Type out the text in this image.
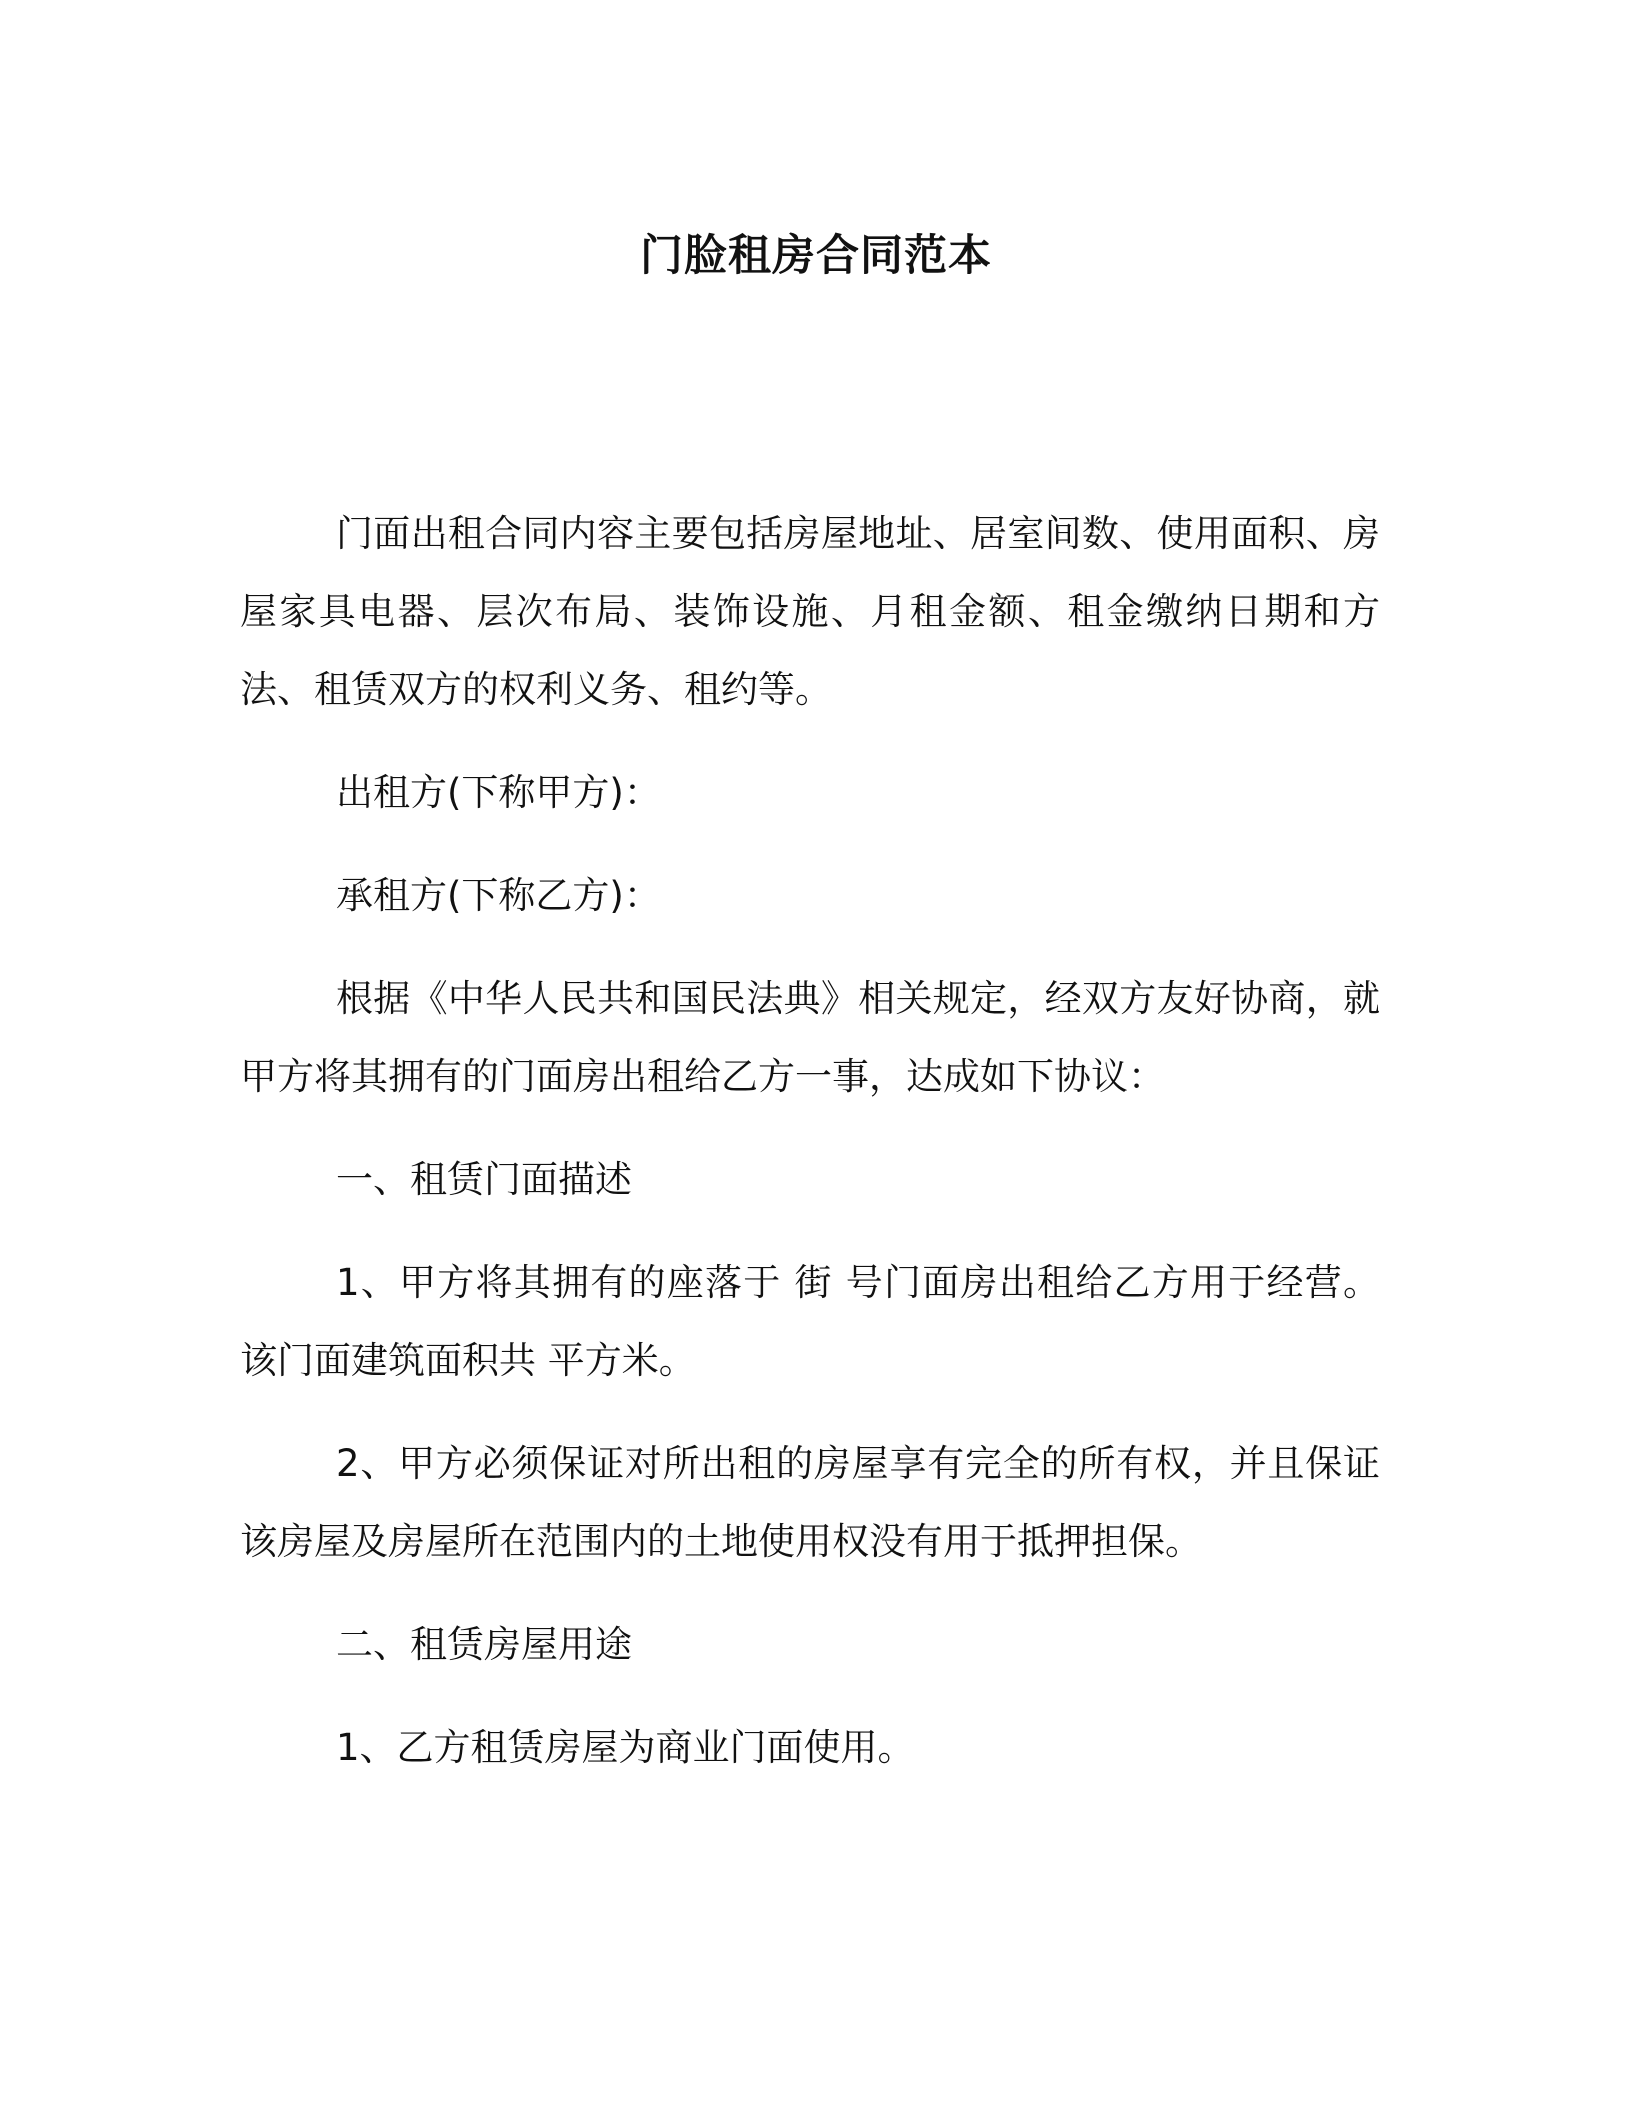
门脸租房合同范本

门面出租合同内容主要包括房屋地址、居室间数、使用面积、房屋家具电器、层次布局、装饰设施、月租金额、租金缴纳日期和方法、租赁双方的权利义务、租约等。

出租方(下称甲方)：

承租方(下称乙方)：

根据《中华人民共和国民法典》相关规定，经双方友好协商，就甲方将其拥有的门面房出租给乙方一事，达成如下协议：

一、租赁门面描述

1、甲方将其拥有的座落于 街 号门面房出租给乙方用于经营。该门面建筑面积共 平方米。

2、甲方必须保证对所出租的房屋享有完全的所有权，并且保证该房屋及房屋所在范围内的土地使用权没有用于抵押担保。

二、租赁房屋用途

1、乙方租赁房屋为商业门面使用。
